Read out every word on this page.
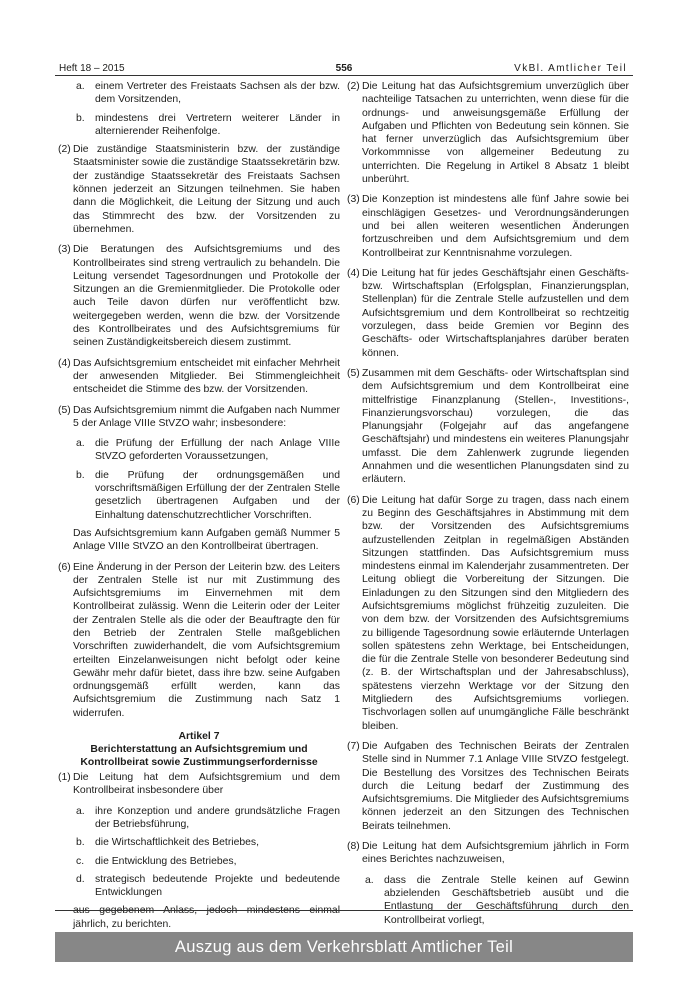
Heft 18 – 2015	556	VkBl. Amtlicher Teil
a. einem Vertreter des Freistaats Sachsen als der bzw. dem Vorsitzenden,
b. mindestens drei Vertretern weiterer Länder in alternierender Reihenfolge.
(2) Die zuständige Staatsministerin bzw. der zuständige Staatsminister sowie die zuständige Staatssekretärin bzw. der zuständige Staatssekretär des Freistaats Sachsen können jederzeit an Sitzungen teilnehmen. Sie haben dann die Möglichkeit, die Leitung der Sitzung und auch das Stimmrecht des bzw. der Vorsitzenden zu übernehmen.
(3) Die Beratungen des Aufsichtsgremiums und des Kontrollbeirates sind streng vertraulich zu behandeln. Die Leitung versendet Tagesordnungen und Protokolle der Sitzungen an die Gremienmitglieder. Die Protokolle oder auch Teile davon dürfen nur veröffentlicht bzw. weitergegeben werden, wenn die bzw. der Vorsitzende des Kontrollbeirates und des Aufsichtsgremiums für seinen Zuständigkeitsbereich diesem zustimmt.
(4) Das Aufsichtsgremium entscheidet mit einfacher Mehrheit der anwesenden Mitglieder. Bei Stimmengleichheit entscheidet die Stimme des bzw. der Vorsitzenden.
(5) Das Aufsichtsgremium nimmt die Aufgaben nach Nummer 5 der Anlage VIIIe StVZO wahr; insbesondere:
a. die Prüfung der Erfüllung der nach Anlage VIIIe StVZO geforderten Voraussetzungen,
b. die Prüfung der ordnungsgemäßen und vorschriftsmäßigen Erfüllung der der Zentralen Stelle gesetzlich übertragenen Aufgaben und der Einhaltung datenschutzrechtlicher Vorschriften.
Das Aufsichtsgremium kann Aufgaben gemäß Nummer 5 Anlage VIIIe StVZO an den Kontrollbeirat übertragen.
(6) Eine Änderung in der Person der Leiterin bzw. des Leiters der Zentralen Stelle ist nur mit Zustimmung des Aufsichtsgremiums im Einvernehmen mit dem Kontrollbeirat zulässig. Wenn die Leiterin oder der Leiter der Zentralen Stelle als die oder der Beauftragte den für den Betrieb der Zentralen Stelle maßgeblichen Vorschriften zuwiderhandelt, die vom Aufsichtsgremium erteilten Einzelanweisungen nicht befolgt oder keine Gewähr mehr dafür bietet, dass ihre bzw. seine Aufgaben ordnungsgemäß erfüllt werden, kann das Aufsichtsgremium die Zustimmung nach Satz 1 widerrufen.
Artikel 7
Berichterstattung an Aufsichtsgremium und
Kontrollbeirat sowie Zustimmungserfordernisse
(1) Die Leitung hat dem Aufsichtsgremium und dem Kontrollbeirat insbesondere über
a. ihre Konzeption und andere grundsätzliche Fragen der Betriebsführung,
b. die Wirtschaftlichkeit des Betriebes,
c. die Entwicklung des Betriebes,
d. strategisch bedeutende Projekte und bedeutende Entwicklungen
aus gegebenem Anlass, jedoch mindestens einmal jährlich, zu berichten.
(2) Die Leitung hat das Aufsichtsgremium unverzüglich über nachteilige Tatsachen zu unterrichten, wenn diese für die ordnungs- und anweisungsgemäße Erfüllung der Aufgaben und Pflichten von Bedeutung sein können. Sie hat ferner unverzüglich das Aufsichtsgremium über Vorkommnisse von allgemeiner Bedeutung zu unterrichten. Die Regelung in Artikel 8 Absatz 1 bleibt unberührt.
(3) Die Konzeption ist mindestens alle fünf Jahre sowie bei einschlägigen Gesetzes- und Verordnungsänderungen und bei allen weiteren wesentlichen Änderungen fortzuschreiben und dem Aufsichtsgremium und dem Kontrollbeirat zur Kenntnisnahme vorzulegen.
(4) Die Leitung hat für jedes Geschäftsjahr einen Geschäfts- bzw. Wirtschaftsplan (Erfolgsplan, Finanzierungsplan, Stellenplan) für die Zentrale Stelle aufzustellen und dem Aufsichtsgremium und dem Kontrollbeirat so rechtzeitig vorzulegen, dass beide Gremien vor Beginn des Geschäfts- oder Wirtschaftsplanjahres darüber beraten können.
(5) Zusammen mit dem Geschäfts- oder Wirtschaftsplan sind dem Aufsichtsgremium und dem Kontrollbeirat eine mittelfristige Finanzplanung (Stellen-, Investitions-, Finanzierungsvorschau) vorzulegen, die das Planungsjahr (Folgejahr auf das angefangene Geschäftsjahr) und mindestens ein weiteres Planungsjahr umfasst. Die dem Zahlenwerk zugrunde liegenden Annahmen und die wesentlichen Planungsdaten sind zu erläutern.
(6) Die Leitung hat dafür Sorge zu tragen, dass nach einem zu Beginn des Geschäftsjahres in Abstimmung mit dem bzw. der Vorsitzenden des Aufsichtsgremiums aufzustellenden Zeitplan in regelmäßigen Abständen Sitzungen stattfinden. Das Aufsichtsgremium muss mindestens einmal im Kalenderjahr zusammentreten. Der Leitung obliegt die Vorbereitung der Sitzungen. Die Einladungen zu den Sitzungen sind den Mitgliedern des Aufsichtsgremiums möglichst frühzeitig zuzuleiten. Die von dem bzw. der Vorsitzenden des Aufsichtsgremiums zu billigende Tagesordnung sowie erläuternde Unterlagen sollen spätestens zehn Werktage, bei Entscheidungen, die für die Zentrale Stelle von besonderer Bedeutung sind (z. B. der Wirtschaftsplan und der Jahresabschluss), spätestens vierzehn Werktage vor der Sitzung den Mitgliedern des Aufsichtsgremiums vorliegen. Tischvorlagen sollen auf unumgängliche Fälle beschränkt bleiben.
(7) Die Aufgaben des Technischen Beirats der Zentralen Stelle sind in Nummer 7.1 Anlage VIIIe StVZO festgelegt. Die Bestellung des Vorsitzes des Technischen Beirats durch die Leitung bedarf der Zustimmung des Aufsichtsgremiums. Die Mitglieder des Aufsichtsgremiums können jederzeit an den Sitzungen des Technischen Beirats teilnehmen.
(8) Die Leitung hat dem Aufsichtsgremium jährlich in Form eines Berichtes nachzuweisen,
a. dass die Zentrale Stelle keinen auf Gewinn abzielenden Geschäftsbetrieb ausübt und die Entlastung der Geschäftsführung durch den Kontrollbeirat vorliegt,
Auszug aus dem Verkehrsblatt Amtlicher Teil
